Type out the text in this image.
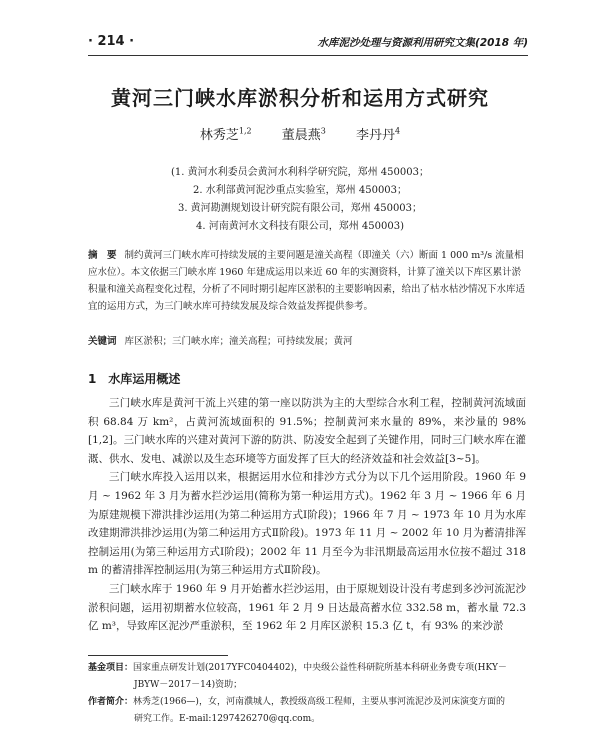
· 214 ·	水库泥沙处理与资源利用研究文集(2018 年)
黄河三门峡水库淤积分析和运用方式研究
林秀芝$^{1,2}$ 董晨燕$^3$ 李丹丹$^4$
(1. 黄河水利委员会黄河水利科学研究院，郑州 450003；
2. 水利部黄河泥沙重点实验室，郑州 450003；
3. 黄河勘测规划设计研究院有限公司，郑州 450003；
4. 河南黄河水文科技有限公司，郑州 450003)
摘　要 制约黄河三门峡水库可持续发展的主要问题是潼关高程（即潼关（六）断面 1 000 m³/s 流量相应水位）。本文依据三门峡水库 1960 年建成运用以来近 60 年的实测资料，计算了潼关以下库区累计淤积量和潼关高程变化过程，分析了不同时期引起库区淤积的主要影响因素，给出了枯水枯沙情况下水库适宜的运用方式，为三门峡水库可持续发展及综合效益发挥提供参考。
关键词 库区淤积；三门峡水库；潼关高程；可持续发展；黄河
1 水库运用概述

三门峡水库是黄河干流上兴建的第一座以防洪为主的大型综合水利工程，控制黄河流域面积 68.84 万 km²，占黄河流域面积的 91.5%；控制黄河来水量的 89%，来沙量的 98%[1,2]。三门峡水库的兴建对黄河下游的防洪、防凌安全起到了关键作用，同时三门峡水库在灌溉、供水、发电、减淤以及生态环境等方面发挥了巨大的经济效益和社会效益[3~5]。

三门峡水库投入运用以来，根据运用水位和排沙方式分为以下几个运用阶段。1960 年 9 月 ~ 1962 年 3 月为蓄水拦沙运用(简称为第一种运用方式)。1962 年 3 月 ~ 1966 年 6 月为原建规模下滞洪排沙运用(为第二种运用方式Ⅰ阶段)；1966 年 7 月 ~ 1973 年 10 月为水库改建期滞洪排沙运用(为第二种运用方式Ⅱ阶段)。1973 年 11 月 ~ 2002 年 10 月为蓄清排浑控制运用(为第三种运用方式Ⅰ阶段)；2002 年 11 月至今为非汛期最高运用水位按不超过 318 m 的蓄清排浑控制运用(为第三种运用方式Ⅱ阶段)。

三门峡水库于 1960 年 9 月开始蓄水拦沙运用，由于原规划设计没有考虑到多沙河流泥沙淤积问题，运用初期蓄水位较高，1961 年 2 月 9 日达最高蓄水位 332.58 m，蓄水量 72.3 亿 m³，导致库区泥沙严重淤积，至 1962 年 2 月库区淤积 15.3 亿 t，有 93% 的来沙淤

基金项目：国家重点研发计划(2017YFC0404402)，中央级公益性科研院所基本科研业务费专项(HKY－
JBYW－2017－14)资助；
作者简介：林秀芝(1966—)，女，河南濮城人，教授级高级工程师，主要从事河流泥沙及河床演变方面的
研究工作。E-mail:1297426270@qq.com。
